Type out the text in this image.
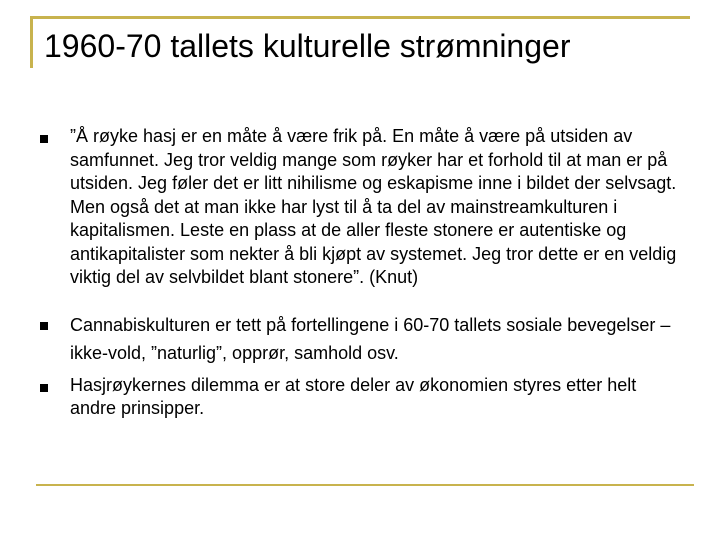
1960-70 tallets kulturelle strømninger
”Å røyke hasj er en måte å være frik på. En måte å være på utsiden av samfunnet. Jeg tror veldig mange som røyker har et forhold til at man er på utsiden. Jeg føler det er litt nihilisme og eskapisme inne i bildet der selvsagt. Men også det at man ikke har lyst til å ta del av mainstreamkulturen i kapitalismen. Leste en plass at de aller fleste stonere er autentiske og antikapitalister som nekter å bli kjøpt av systemet. Jeg tror dette er en veldig viktig del av selvbildet blant stonere”. (Knut)
Cannabiskulturen er tett på fortellingene i 60-70 tallets sosiale bevegelser – ikke-vold, ”naturlig”, opprør, samhold osv.
Hasjrøykernes dilemma er at store deler av økonomien styres etter helt andre prinsipper.
